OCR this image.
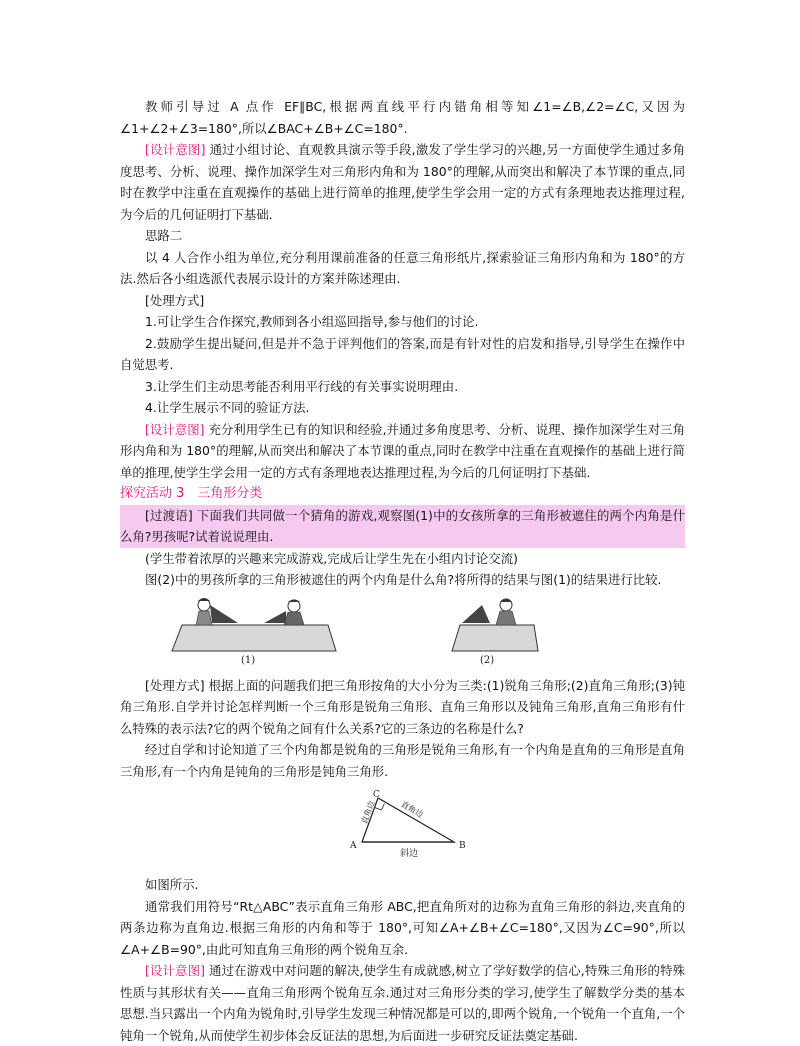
教师引导过 A 点作 EF∥BC,根据两直线平行内错角相等知∠1=∠B,∠2=∠C,又因为∠1+∠2+∠3=180°,所以∠BAC+∠B+∠C=180°.

[设计意图] 通过小组讨论、直观教具演示等手段,激发了学生学习的兴趣,另一方面使学生通过多角度思考、分析、说理、操作加深学生对三角形内角和为 180°的理解,从而突出和解决了本节课的重点,同时在教学中注重在直观操作的基础上进行简单的推理,使学生学会用一定的方式有条理地表达推理过程,为今后的几何证明打下基础.

思路二

以 4 人合作小组为单位,充分利用课前准备的任意三角形纸片,探索验证三角形内角和为 180°的方法.然后各小组选派代表展示设计的方案并陈述理由.

[处理方式]

1.可让学生合作探究,教师到各小组巡回指导,参与他们的讨论.

2.鼓励学生提出疑问,但是并不急于评判他们的答案,而是有针对性的启发和指导,引导学生在操作中自觉思考.

3.让学生们主动思考能否利用平行线的有关事实说明理由.

4.让学生展示不同的验证方法.

[设计意图] 充分利用学生已有的知识和经验,并通过多角度思考、分析、说理、操作加深学生对三角形内角和为 180°的理解,从而突出和解决了本节课的重点,同时在教学中注重在直观操作的基础上进行简单的推理,使学生学会用一定的方式有条理地表达推理过程,为今后的几何证明打下基础.

探究活动 3　三角形分类

[过渡语] 下面我们共同做一个猜角的游戏,观察图(1)中的女孩所拿的三角形被遮住的两个内角是什么角?男孩呢?试着说说理由.

(学生带着浓厚的兴趣来完成游戏,完成后让学生先在小组内讨论交流)

图(2)中的男孩所拿的三角形被遮住的两个内角是什么角?将所得的结果与图(1)的结果进行比较.

(1)	(2)

[处理方式] 根据上面的问题我们把三角形按角的大小分为三类:(1)锐角三角形;(2)直角三角形;(3)钝角三角形.自学并讨论怎样判断一个三角形是锐角三角形、直角三角形以及钝角三角形,直角三角形有什么特殊的表示法?它的两个锐角之间有什么关系?它的三条边的名称是什么?

经过自学和讨论知道了三个内角都是锐角的三角形是锐角三角形,有一个内角是直角的三角形是直角三角形,有一个内角是钝角的三角形是钝角三角形.

A	B
C
直角边	直角边
斜边

如图所示.

通常我们用符号“Rt△ABC”表示直角三角形 ABC,把直角所对的边称为直角三角形的斜边,夹直角的两条边称为直角边.根据三角形的内角和等于 180°,可知∠A+∠B+∠C=180°,又因为∠C=90°,所以∠A+∠B=90°,由此可知直角三角形的两个锐角互余.

[设计意图] 通过在游戏中对问题的解决,使学生有成就感,树立了学好数学的信心,特殊三角形的特殊性质与其形状有关——直角三角形两个锐角互余.通过对三角形分类的学习,使学生了解数学分类的基本思想.当只露出一个内角为锐角时,引导学生发现三种情况都是可以的,即两个锐角,一个锐角一个直角,一个钝角一个锐角,从而使学生初步体会反证法的思想,为后面进一步研究反证法奠定基础.
